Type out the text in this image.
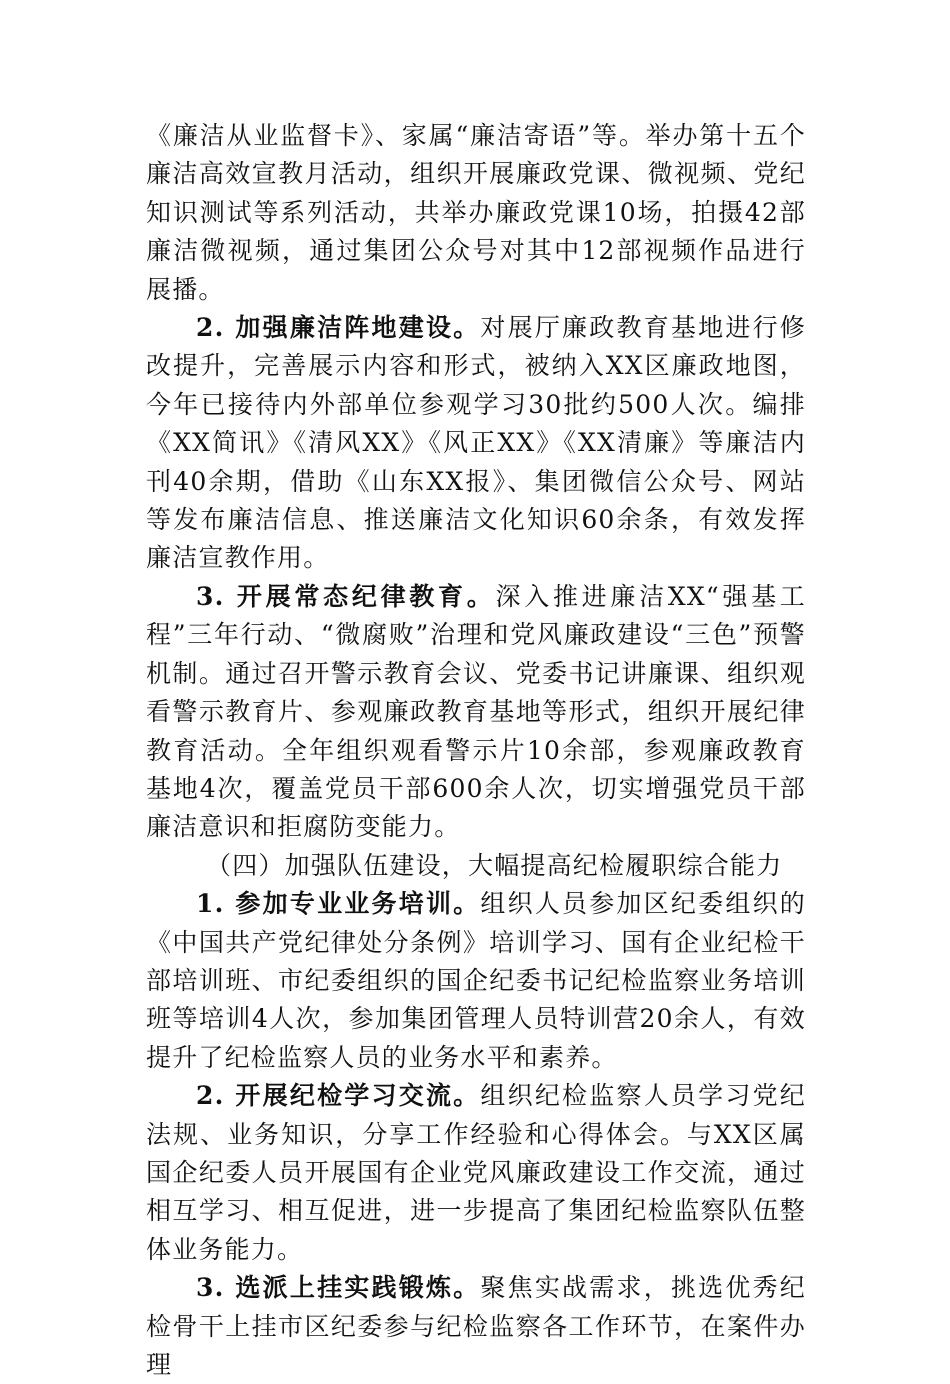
《廉洁从业监督卡》、家属“廉洁寄语”等。举办第十五个廉洁高效宣教月活动，组织开展廉政党课、微视频、党纪知识测试等系列活动，共举办廉政党课10场，拍摄42部廉洁微视频，通过集团公众号对其中12部视频作品进行展播。

2. 加强廉洁阵地建设。对展厅廉政教育基地进行修改提升，完善展示内容和形式，被纳入XX区廉政地图，今年已接待内外部单位参观学习30批约500人次。编排《XX简讯》《清风XX》《风正XX》《XX清廉》等廉洁内刊40余期，借助《山东XX报》、集团微信公众号、网站等发布廉洁信息、推送廉洁文化知识60余条，有效发挥廉洁宣教作用。

3. 开展常态纪律教育。深入推进廉洁XX“强基工程”三年行动、“微腐败”治理和党风廉政建设“三色”预警机制。通过召开警示教育会议、党委书记讲廉课、组织观看警示教育片、参观廉政教育基地等形式，组织开展纪律教育活动。全年组织观看警示片10余部，参观廉政教育基地4次，覆盖党员干部600余人次，切实增强党员干部廉洁意识和拒腐防变能力。

（四）加强队伍建设，大幅提高纪检履职综合能力

1. 参加专业业务培训。组织人员参加区纪委组织的《中国共产党纪律处分条例》培训学习、国有企业纪检干部培训班、市纪委组织的国企纪委书记纪检监察业务培训班等培训4人次，参加集团管理人员特训营20余人，有效提升了纪检监察人员的业务水平和素养。

2. 开展纪检学习交流。组织纪检监察人员学习党纪法规、业务知识，分享工作经验和心得体会。与XX区属国企纪委人员开展国有企业党风廉政建设工作交流，通过相互学习、相互促进，进一步提高了集团纪检监察队伍整体业务能力。

3. 选派上挂实践锻炼。聚焦实战需求，挑选优秀纪检骨干上挂市区纪委参与纪检监察各工作环节，在案件办理
